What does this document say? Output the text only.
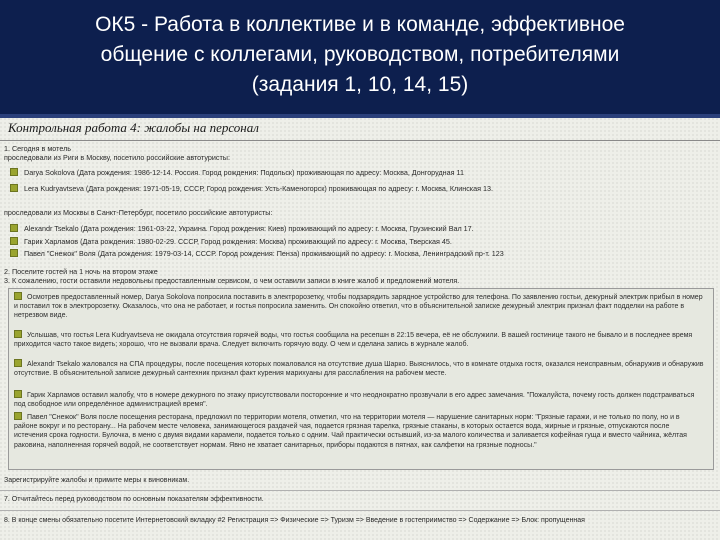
ОК5 - Работа в коллективе и в команде, эффективное
общение с коллегами, руководством, потребителями
(задания 1, 10, 14, 15)
Контрольная работа 4: жалобы на персонал
1. Сегодня в мотель
проследовали из Риги в Москву, посетило российские автотуристы:
Darya Sokolova (Дата рождения: 1986-12-14. Россия. Город рождения: Подольск) проживающая по адресу: Москва, Донгорудная 11
Lera Kudryavtseva (Дата рождения: 1971-05-19, СССР, Город рождения: Усть-Каменогорск) проживающая по адресу: г. Москва, Клинская 13.
проследовали из Москвы в Санкт-Петербург, посетило российские автотуристы:
Alexandr Tsekalo (Дата рождения: 1961-03-22, Украина. Город рождения: Киев) проживающий по адресу: г. Москва, Грузинский Вал 17.
Гарик Харламов (Дата рождения: 1980-02-29. СССР, Город рождения: Москва) проживающий по адресу: г. Москва, Тверская 45.
Павел "Снежок" Воля (Дата рождения: 1979-03-14, СССР. Город рождения: Пенза) проживающий по адресу: г. Москва, Ленинградский пр-т. 123
2. Поселите гостей на 1 ночь на втором этаже
3. К сожалению, гости оставили недовольны предоставленным сервисом, о чем оставили записи в книге жалоб и предложений мотеля.
Осмотрев предоставленный номер, Darya Sokolova попросила поставить в электророзетку, чтобы подзарядить зарядное устройство для телефона. По заявлению гостьи, дежурный электрик прибыл в номер и поставил ток в электророзетку. Оказалось, что она не работает, и гостья попросила заменить. Он спокойно ответил, что в объяснительной записке дежурный электрик признал факт подделки на работе в нетрезвом виде.
Услышав, что гостья Lera Kudryavtseva не ожидала отсутствия горячей воды, что гостья сообщила на ресепшн в 22:15 вечера, её не обслужили. В вашей гостинице такого не бывало и в последнее время приходится часто такое видеть; хорошо, что не вызвали врача. Следует включить горячую воду. О чем и сделана запись в журнале жалоб.
Alexandr Tsekalo жаловался на СПА процедуры, после посещения которых пожаловался на отсутствие душа Шарко. Выяснилось, что в комнате отдыха гостя, оказался неисправным, обнаружив и обнаружив отсутствие. В объяснительной записке дежурный сантехник признал факт курения марихуаны для расслабления на рабочем месте.
Гарик Харламов оставил жалобу, что в номере дежурного по этажу присутствовали посторонние и что неоднократно прозвучали в его адрес замечания. "Пожалуйста, почему гость должен подстраиваться под свободное или определённое администрацией время".
Павел "Снежок" Воля после посещения ресторана, предложил по территории мотеля, отметил, что на территории мотеля — нарушение санитарных норм: "Грязные гаражи, и не только по полу, но и в районе вокруг и по ресторану... На рабочем месте человека, занимающегося раздачей чая, подается грязная тарелка, грязные стаканы, в которых остается вода, жирные и грязные, отпускаются после истечения срока годности. Булочка, в меню с двумя видами карамели, подается только с одним. Чай практически остывший, из-за малого количества и заливается кофейная гуща и вместо чайника, жёлтая раковина, наполненная горячей водой, не соответствует нормам. Явно не хватает санитарных, приборы подаются в пятнах, как салфетки на грязные подносы."
Зарегистрируйте жалобы и примите меры к виновникам.
7. Отчитайтесь перед руководством по основным показателям эффективности.
8. В конце смены обязательно посетите Интернетовский вкладку #2 Регистрация => Физические => Туризм => Введение в гостеприимство => Содержание => Блок: пропущенная
